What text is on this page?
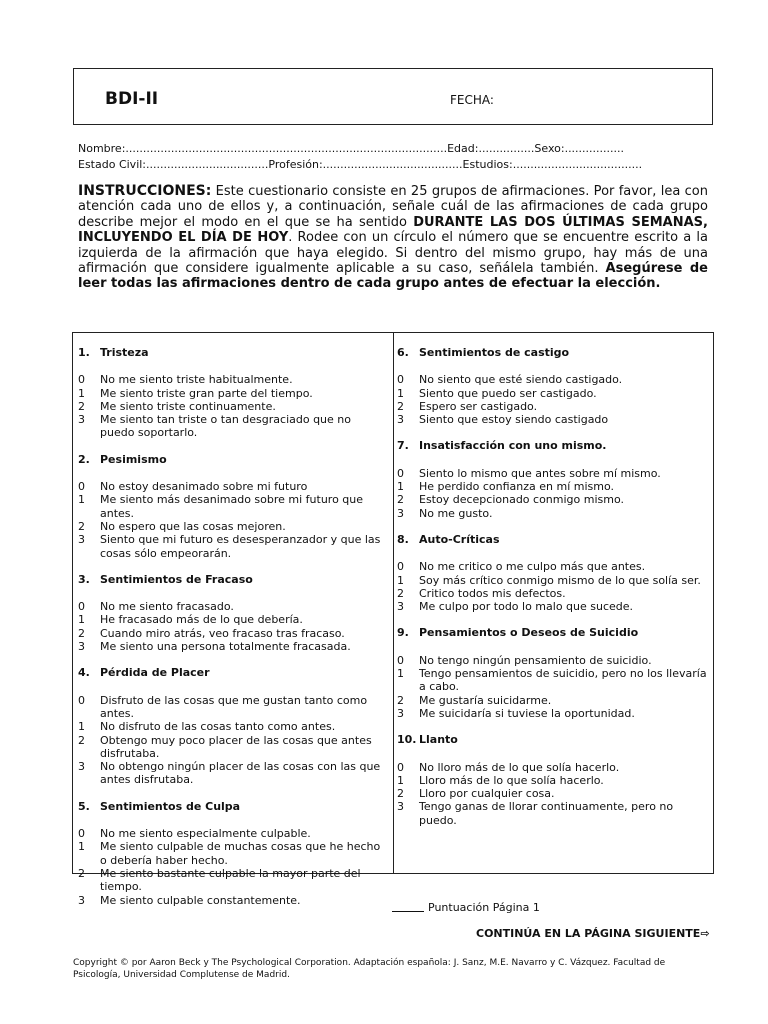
BDI-II	FECHA:
Nombre:............................................................................................Edad:................Sexo:.................
Estado Civil:...................................Profesión:........................................Estudios:.....................................
INSTRUCCIONES: Este cuestionario consiste en 25 grupos de afirmaciones. Por favor, lea con atención cada uno de ellos y, a continuación, señale cuál de las afirmaciones de cada grupo describe mejor el modo en el que se ha sentido DURANTE LAS DOS ÚLTIMAS SEMANAS, INCLUYENDO EL DÍA DE HOY. Rodee con un círculo el número que se encuentre escrito a la izquierda de la afirmación que haya elegido. Si dentro del mismo grupo, hay más de una afirmación que considere igualmente aplicable a su caso, señálela también. Asegúrese de leer todas las afirmaciones dentro de cada grupo antes de efectuar la elección.
1. Tristeza
0	No me siento triste habitualmente.
1	Me siento triste gran parte del tiempo.
2	Me siento triste continuamente.
3	Me siento tan triste o tan desgraciado que no puedo soportarlo.
2. Pesimismo
0	No estoy desanimado sobre mi futuro
1	Me siento más desanimado sobre mi futuro que antes.
2	No espero que las cosas mejoren.
3	Siento que mi futuro es desesperanzador y que las cosas sólo empeorarán.
3. Sentimientos de Fracaso
0	No me siento fracasado.
1	He fracasado más de lo que debería.
2	Cuando miro atrás, veo fracaso tras fracaso.
3	Me siento una persona totalmente fracasada.
4. Pérdida de Placer
0	Disfruto de las cosas que me gustan tanto como antes.
1	No disfruto de las cosas tanto como antes.
2	Obtengo muy poco placer de las cosas que antes disfrutaba.
3	No obtengo ningún placer de las cosas con las que antes disfrutaba.
5. Sentimientos de Culpa
0	No me siento especialmente culpable.
1	Me siento culpable de muchas cosas que he hecho o debería haber hecho.
2	Me siento bastante culpable la mayor parte del tiempo.
3	Me siento culpable constantemente.
6. Sentimientos de castigo
0	No siento que esté siendo castigado.
1	Siento que puedo ser castigado.
2	Espero ser castigado.
3	Siento que estoy siendo castigado
7. Insatisfacción con uno mismo.
0	Siento lo mismo que antes sobre mí mismo.
1	He perdido confianza en mí mismo.
2	Estoy decepcionado conmigo mismo.
3	No me gusto.
8. Auto-Críticas
0	No me critico o me culpo más que antes.
1	Soy más crítico conmigo mismo de lo que solía ser.
2	Critico todos mis defectos.
3	Me culpo por todo lo malo que sucede.
9. Pensamientos o Deseos de Suicidio
0	No tengo ningún pensamiento de suicidio.
1	Tengo pensamientos de suicidio, pero no los llevaría a cabo.
2	Me gustaría suicidarme.
3	Me suicidaría si tuviese la oportunidad.
10. Llanto
0	No lloro más de lo que solía hacerlo.
1	Lloro más de lo que solía hacerlo.
2	Lloro por cualquier cosa.
3	Tengo ganas de llorar continuamente, pero no puedo.
Puntuación Página 1
CONTINÚA EN LA PÁGINA SIGUIENTE⇨
Copyright © por Aaron Beck y The Psychological Corporation. Adaptación española: J. Sanz, M.E. Navarro y C. Vázquez. Facultad de Psicología, Universidad Complutense de Madrid.
